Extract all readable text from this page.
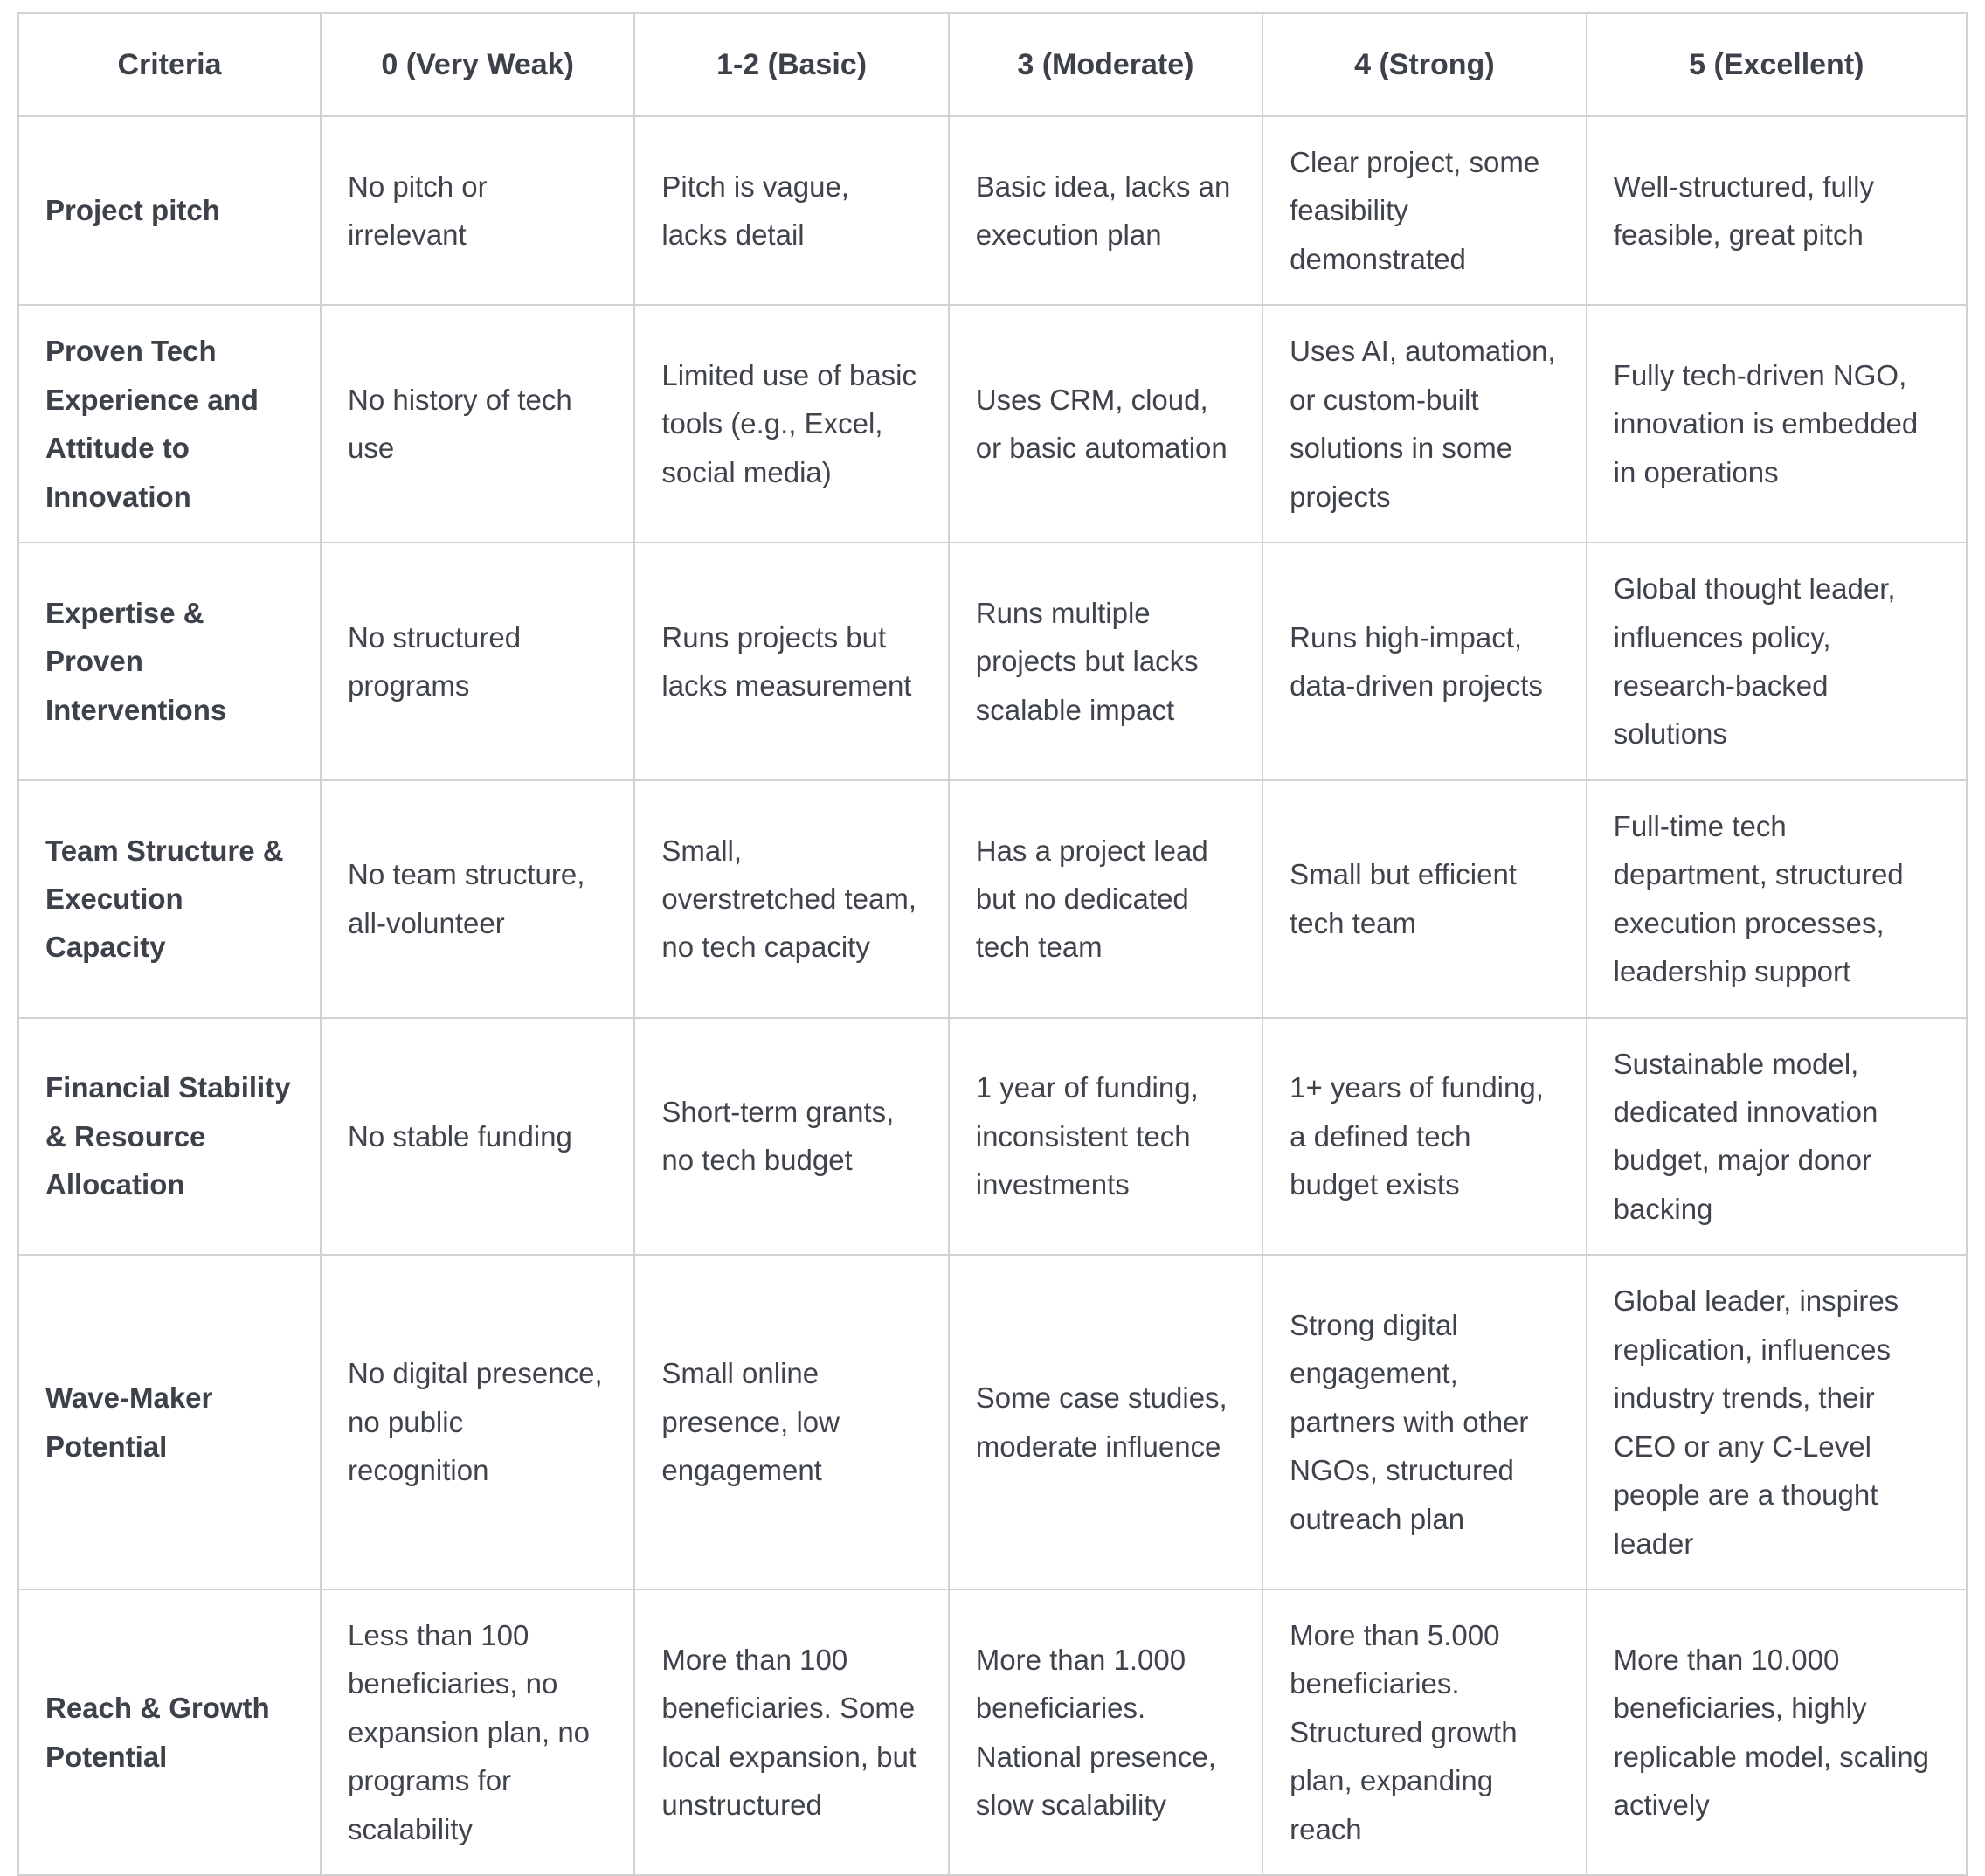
Criteria	0 (Very Weak)	1-2 (Basic)	3 (Moderate)	4 (Strong)	5 (Excellent)
Project pitch	No pitch or irrelevant	Pitch is vague, lacks detail	Basic idea, lacks an execution plan	Clear project, some feasibility demonstrated	Well-structured, fully feasible, great pitch
Proven Tech Experience and Attitude to Innovation	No history of tech use	Limited use of basic tools (e.g., Excel, social media)	Uses CRM, cloud, or basic automation	Uses AI, automation, or custom-built solutions in some projects	Fully tech-driven NGO, innovation is embedded in operations
Expertise & Proven Interventions	No structured programs	Runs projects but lacks measurement	Runs multiple projects but lacks scalable impact	Runs high-impact, data-driven projects	Global thought leader, influences policy, research-backed solutions
Team Structure & Execution Capacity	No team structure, all-volunteer	Small, overstretched team, no tech capacity	Has a project lead but no dedicated tech team	Small but efficient tech team	Full-time tech department, structured execution processes, leadership support
Financial Stability & Resource Allocation	No stable funding	Short-term grants, no tech budget	1 year of funding, inconsistent tech investments	1+ years of funding, a defined tech budget exists	Sustainable model, dedicated innovation budget, major donor backing
Wave-Maker Potential	No digital presence, no public recognition	Small online presence, low engagement	Some case studies, moderate influence	Strong digital engagement, partners with other NGOs, structured outreach plan	Global leader, inspires replication, influences industry trends, their CEO or any C-Level people are a thought leader
Reach & Growth Potential	Less than 100 beneficiaries, no expansion plan, no programs for scalability	More than 100 beneficiaries. Some local expansion, but unstructured	More than 1.000 beneficiaries. National presence, slow scalability	More than 5.000 beneficiaries. Structured growth plan, expanding reach	More than 10.000 beneficiaries, highly replicable model, scaling actively
